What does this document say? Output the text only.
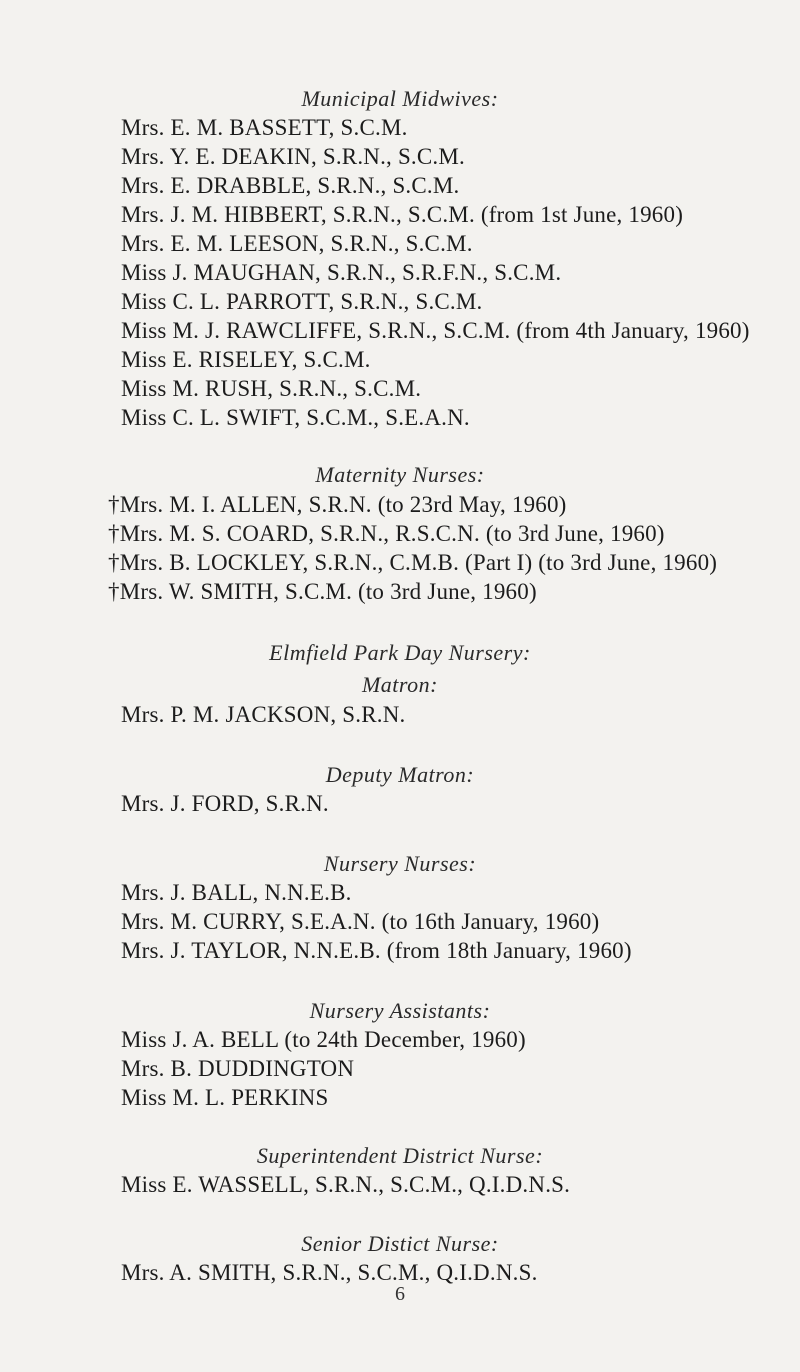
Municipal Midwives:
Mrs. E. M. BASSETT, S.C.M.
Mrs. Y. E. DEAKIN, S.R.N., S.C.M.
Mrs. E. DRABBLE, S.R.N., S.C.M.
Mrs. J. M. HIBBERT, S.R.N., S.C.M. (from 1st June, 1960)
Mrs. E. M. LEESON, S.R.N., S.C.M.
Miss J. MAUGHAN, S.R.N., S.R.F.N., S.C.M.
Miss C. L. PARROTT, S.R.N., S.C.M.
Miss M. J. RAWCLIFFE, S.R.N., S.C.M. (from 4th January, 1960)
Miss E. RISELEY, S.C.M.
Miss M. RUSH, S.R.N., S.C.M.
Miss C. L. SWIFT, S.C.M., S.E.A.N.
Maternity Nurses:
†Mrs. M. I. ALLEN, S.R.N. (to 23rd May, 1960)
†Mrs. M. S. COARD, S.R.N., R.S.C.N. (to 3rd June, 1960)
†Mrs. B. LOCKLEY, S.R.N., C.M.B. (Part I) (to 3rd June, 1960)
†Mrs. W. SMITH, S.C.M. (to 3rd June, 1960)
Elmfield Park Day Nursery:
Matron:
Mrs. P. M. JACKSON, S.R.N.
Deputy Matron:
Mrs. J. FORD, S.R.N.
Nursery Nurses:
Mrs. J. BALL, N.N.E.B.
Mrs. M. CURRY, S.E.A.N. (to 16th January, 1960)
Mrs. J. TAYLOR, N.N.E.B. (from 18th January, 1960)
Nursery Assistants:
Miss J. A. BELL (to 24th December, 1960)
Mrs. B. DUDDINGTON
Miss M. L. PERKINS
Superintendent District Nurse:
Miss E. WASSELL, S.R.N., S.C.M., Q.I.D.N.S.
Senior Distict Nurse:
Mrs. A. SMITH, S.R.N., S.C.M., Q.I.D.N.S.
6
